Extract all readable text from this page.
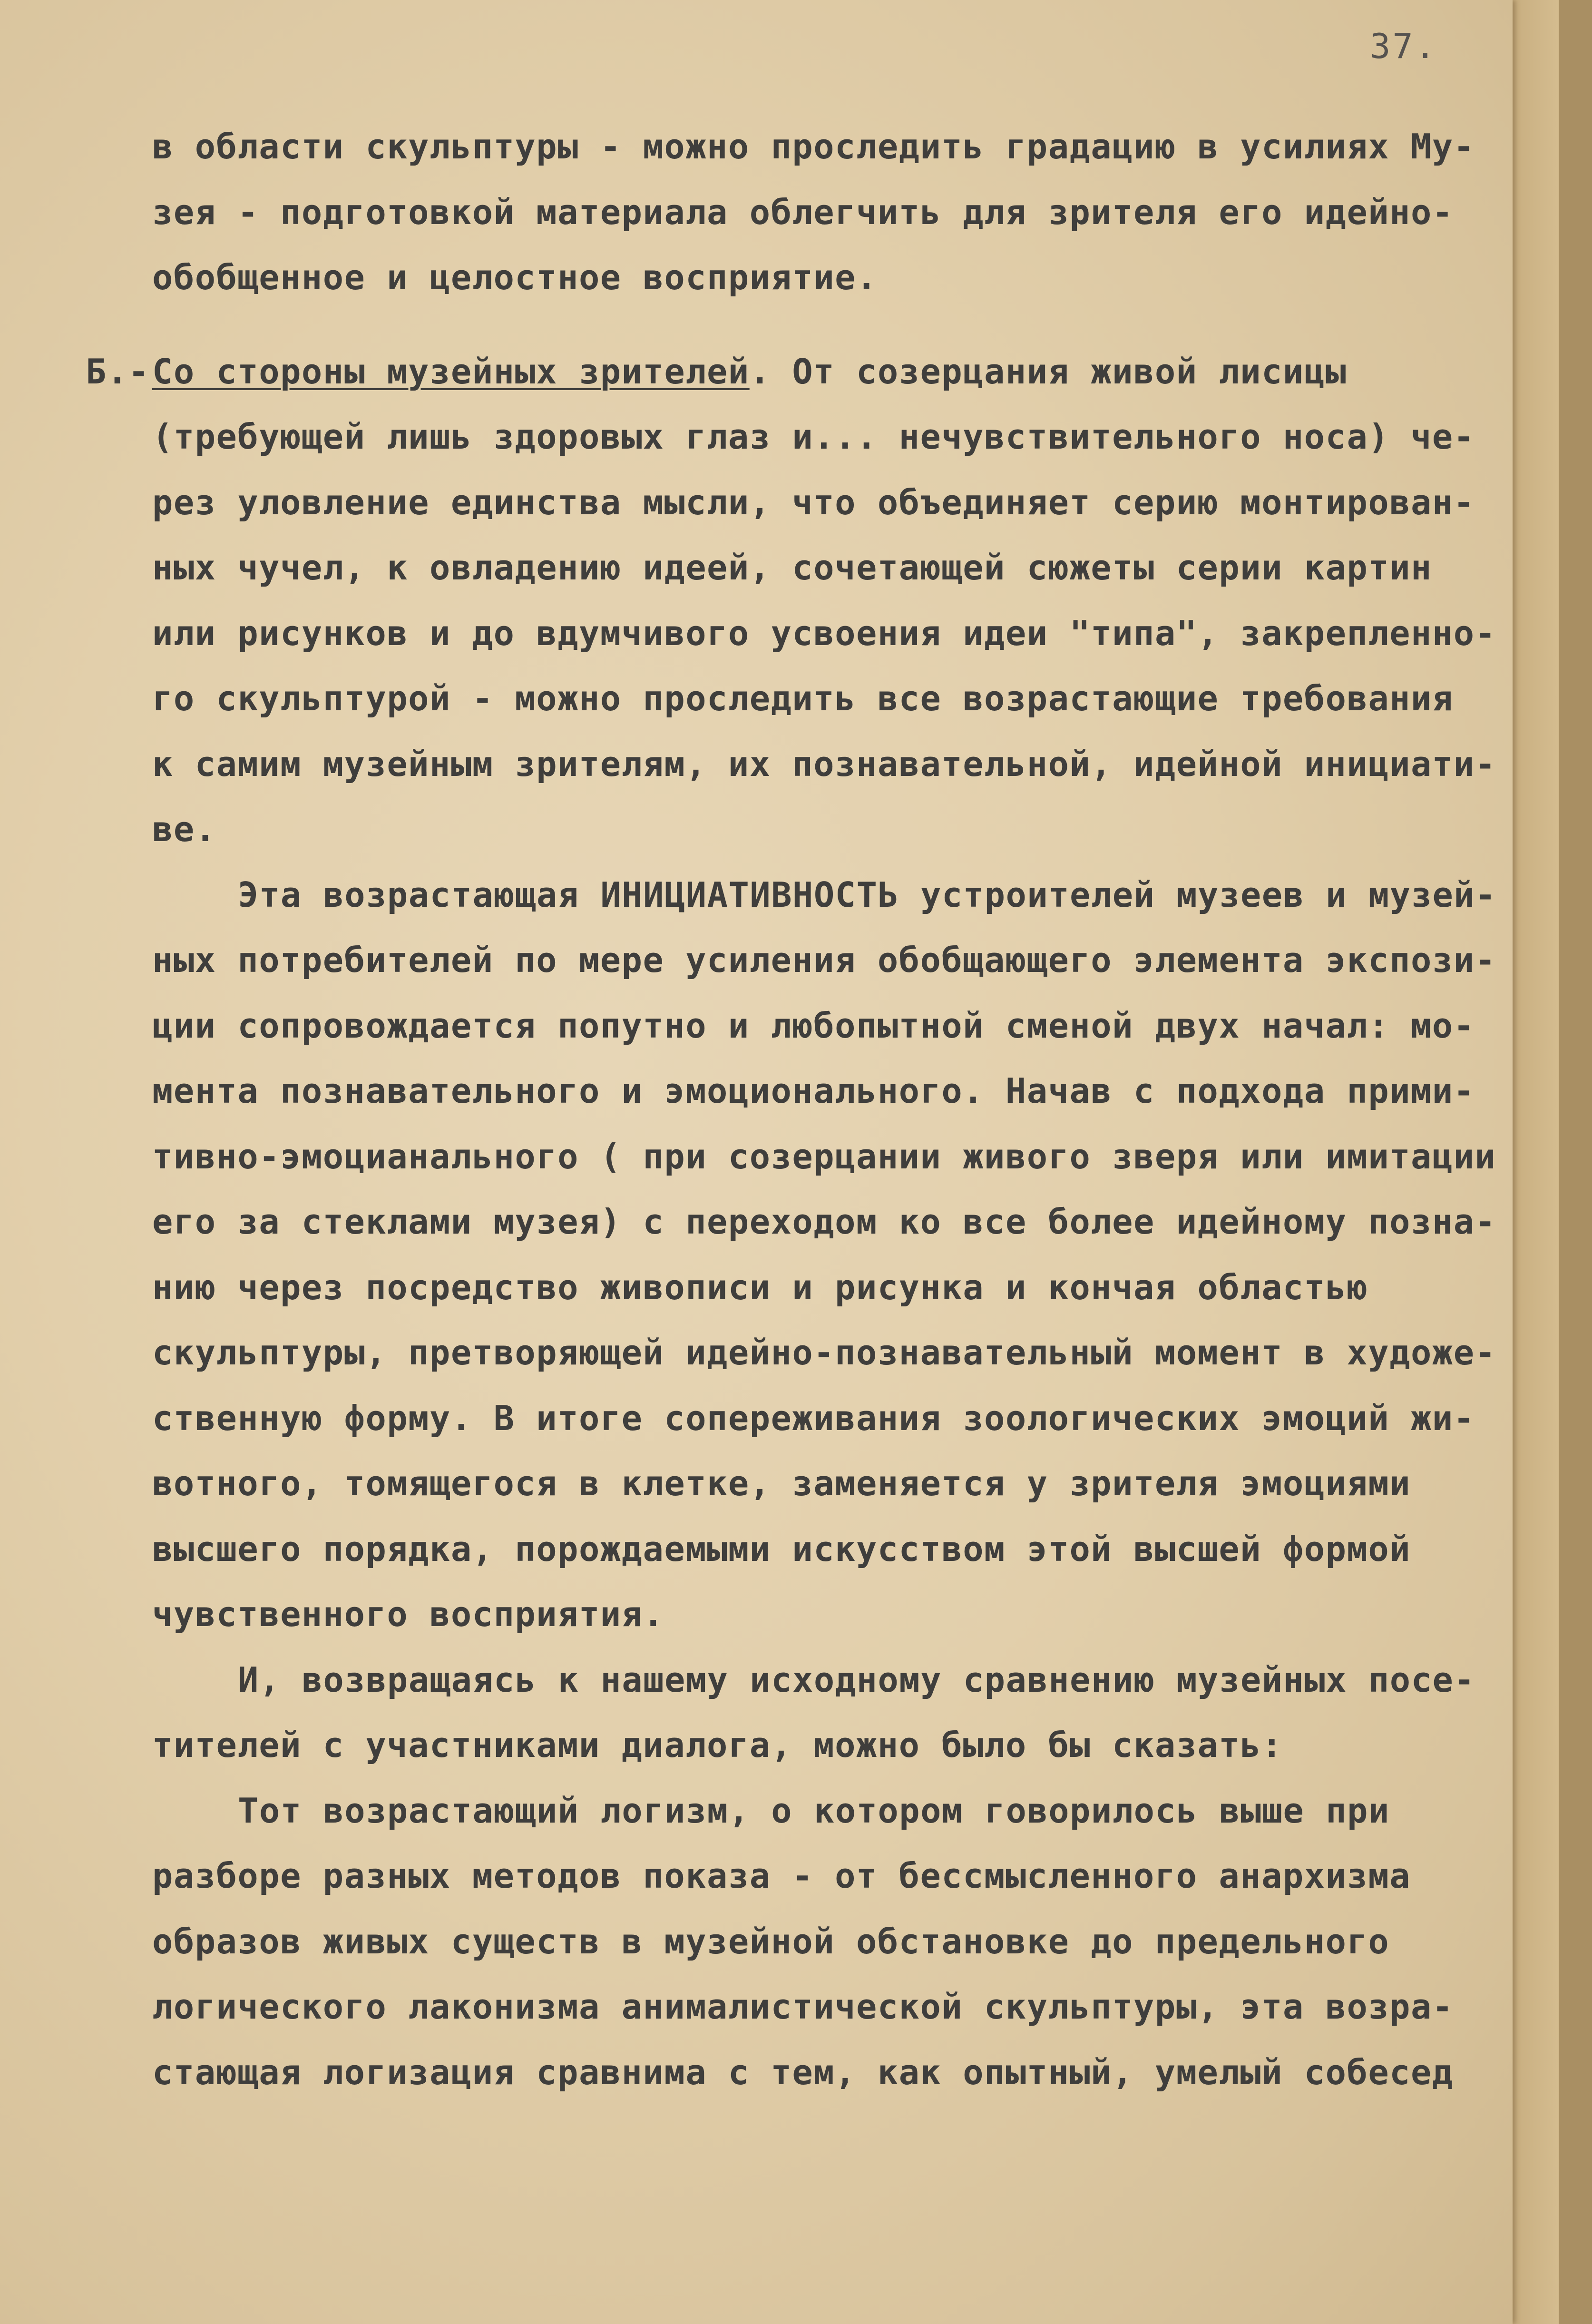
37.
в области скульптуры - можно проследить градацию в усилиях Му-
зея - подготовкой материала облегчить для зрителя его идейно-
обобщенное и целостное восприятие.
Б.- Со стороны музейных зрителей. От созерцания живой лисицы
(требующей лишь здоровых глаз и... нечувствительного носа) че-
рез уловление единства мысли, что объединяет серию монтирован-
ных чучел, к овладению идеей, сочетающей сюжеты серии картин
или рисунков и до вдумчивого усвоения идеи "типа", закрепленно-
го скульптурой - можно проследить все возрастающие требования
к самим музейным зрителям, их познавательной, идейной инициати-
ве.
Эта возрастающая ИНИЦИАТИВНОСТЬ устроителей музеев и музей-
ных потребителей по мере усиления обобщающего элемента экспози-
ции сопровождается попутно и любопытной сменой двух начал: мо-
мента познавательного и эмоционального. Начав с подхода прими-
тивно-эмоцианального ( при созерцании живого зверя или имитации
его за стеклами музея) с переходом ко все более идейному позна-
нию через посредство живописи и рисунка и кончая областью
скульптуры, претворяющей идейно-познавательный момент в художе-
ственную форму. В итоге сопереживания зоологических эмоций жи-
вотного, томящегося в клетке, заменяется у зрителя эмоциями
высшего порядка, порождаемыми искусством этой высшей формой
чувственного восприятия.
И, возвращаясь к нашему исходному сравнению музейных посе-
тителей с участниками диалога, можно было бы сказать:
Тот возрастающий логизм, о котором говорилось выше при
разборе разных методов показа - от бессмысленного анархизма
образов живых существ в музейной обстановке до предельного
логического лаконизма анималистической скульптуры, эта возра-
стающая логизация сравнима с тем, как опытный, умелый собесед
